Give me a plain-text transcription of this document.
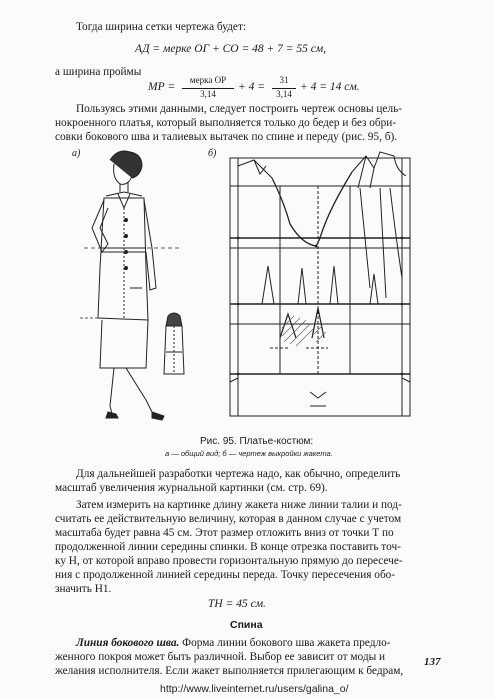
Тогда ширина сетки чертежа будет:
АД = мерке ОГ + СО = 48 + 7 = 55 см,
а ширина проймы
МР =
мерка ОР
3,14
+ 4 =
31
3,14
+ 4 = 14 см.
Пользуясь этими данными, следует построить чертеж основы цель-
нокроенного платья, который выполняется только до бедер и без обри-
совки бокового шва и талиевых вытачек по спине и переду (рис. 95, б).
а)	б)
Рис. 95. Платье-костюм:
а — общий вид; б — чертеж выкройки жакета.
Для дальнейшей разработки чертежа надо, как обычно, определить
масштаб увеличения журнальной картинки (см. стр. 69).
Затем измерить на картинке длину жакета ниже линии талии и под-
считать ее действительную величину, которая в данном случае с учетом
масштаба будет равна 45 см. Этот размер отложить вниз от точки Т по
продолженной линии середины спинки. В конце отрезка поставить точ-
ку Н, от которой вправо провести горизонтальную прямую до пересече-
ния с продолженной линией середины переда. Точку пересечения обо-
значить Н1.
ТН = 45 см.
Спина
Линия бокового шва. Форма линии бокового шва жакета предло-
женного покроя может быть различной. Выбор ее зависит от моды и
желания исполнителя. Если жакет выполняется прилегающим к бедрам,
137
http://www.liveinternet.ru/users/galina_o/
